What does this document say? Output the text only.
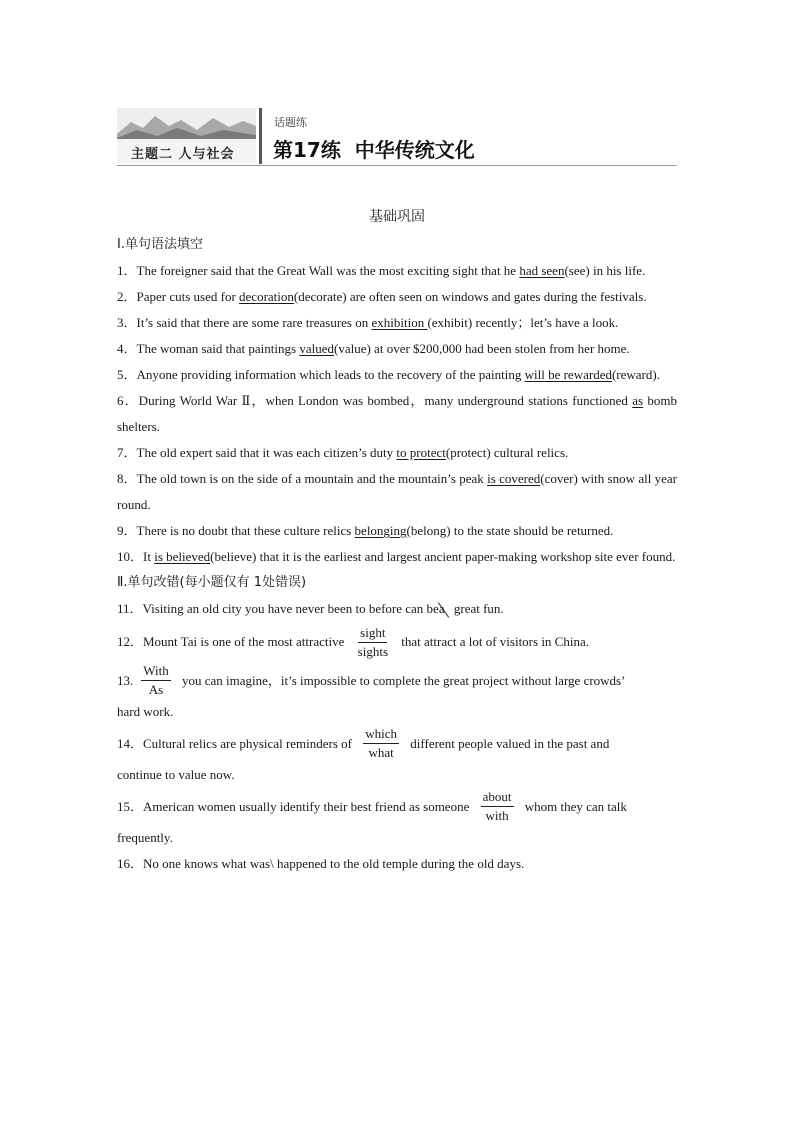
主题二 人与社会
话题练
第17练  中华传统文化
基础巩固
Ⅰ.单句语法填空
1．The foreigner said that the Great Wall was the most exciting sight that he had seen(see) in his life.
2．Paper cuts used for decoration(decorate) are often seen on windows and gates during the festivals.
3．It’s said that there are some rare treasures on exhibition (exhibit) recently；let’s have a look.
4．The woman said that paintings valued(value) at over $200,000 had been stolen from her home.
5．Anyone providing information which leads to the recovery of the painting will be rewarded(reward).
6．During World War Ⅱ，when London was bombed，many underground stations functioned as bomb shelters.
7．The old expert said that it was each citizen’s duty to protect(protect) cultural relics.
8．The old town is on the side of a mountain and the mountain’s peak is covered(cover) with snow all year round.
9．There is no doubt that these culture relics belonging(belong) to the state should be returned.
10．It is believed(believe) that it is the earliest and largest ancient paper-making workshop site ever found.
Ⅱ.单句改错(每小题仅有 1处错误)
11．Visiting an old city you have never been to before can bea great fun.
12．Mount Tai is one of the most attractive $\frac{\text{sight}}{\text{sights}}$ that attract a lot of visitors in China.
13. $\frac{\text{With}}{As}$ you can imagine，it’s impossible to complete the great project without large crowds’
hard work.
14．Cultural relics are physical reminders of $\frac{\text{which}}{\text{what}}$ different people valued in the past and
continue to value now.
15．American women usually identify their best friend as someone $\frac{\text{about}}{\text{with}}$ whom they can talk
frequently.
16．No one knows what was\ happened to the old temple during the old days.
